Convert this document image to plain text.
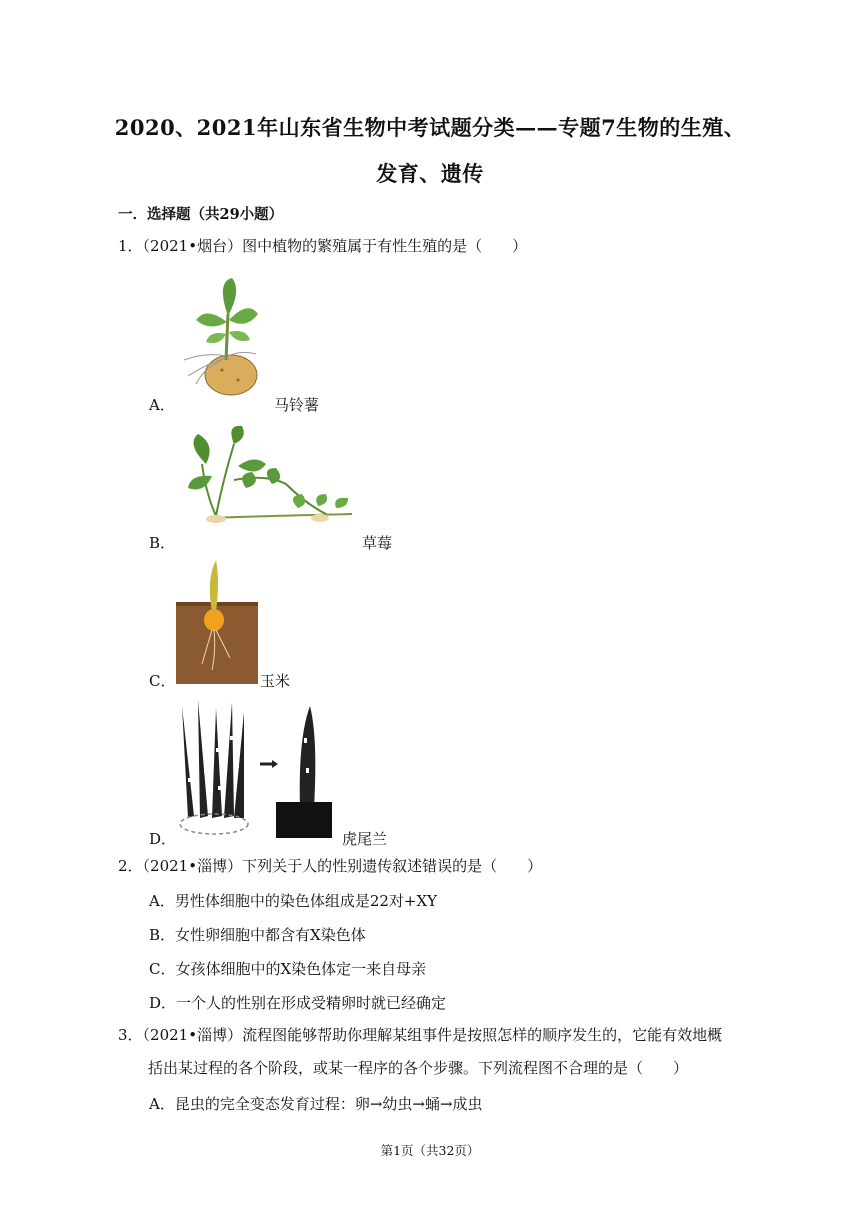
2020、2021年山东省生物中考试题分类——专题7生物的生殖、
发育、遗传
一．选择题（共29小题）
1．（2021•烟台）图中植物的繁殖属于有性生殖的是（　　）
A．	马铃薯
B．	草莓
C．	玉米
D．	虎尾兰
2．（2021•淄博）下列关于人的性别遗传叙述错误的是（　　）
A．男性体细胞中的染色体组成是22对+XY
B．女性卵细胞中都含有X染色体
C．女孩体细胞中的X染色体定一来自母亲
D．一个人的性别在形成受精卵时就已经确定
3．（2021•淄博）流程图能够帮助你理解某组事件是按照怎样的顺序发生的，它能有效地概
括出某过程的各个阶段，或某一程序的各个步骤。下列流程图不合理的是（　　）
A．昆虫的完全变态发育过程：卵→幼虫→蛹→成虫
第1页（共32页）
